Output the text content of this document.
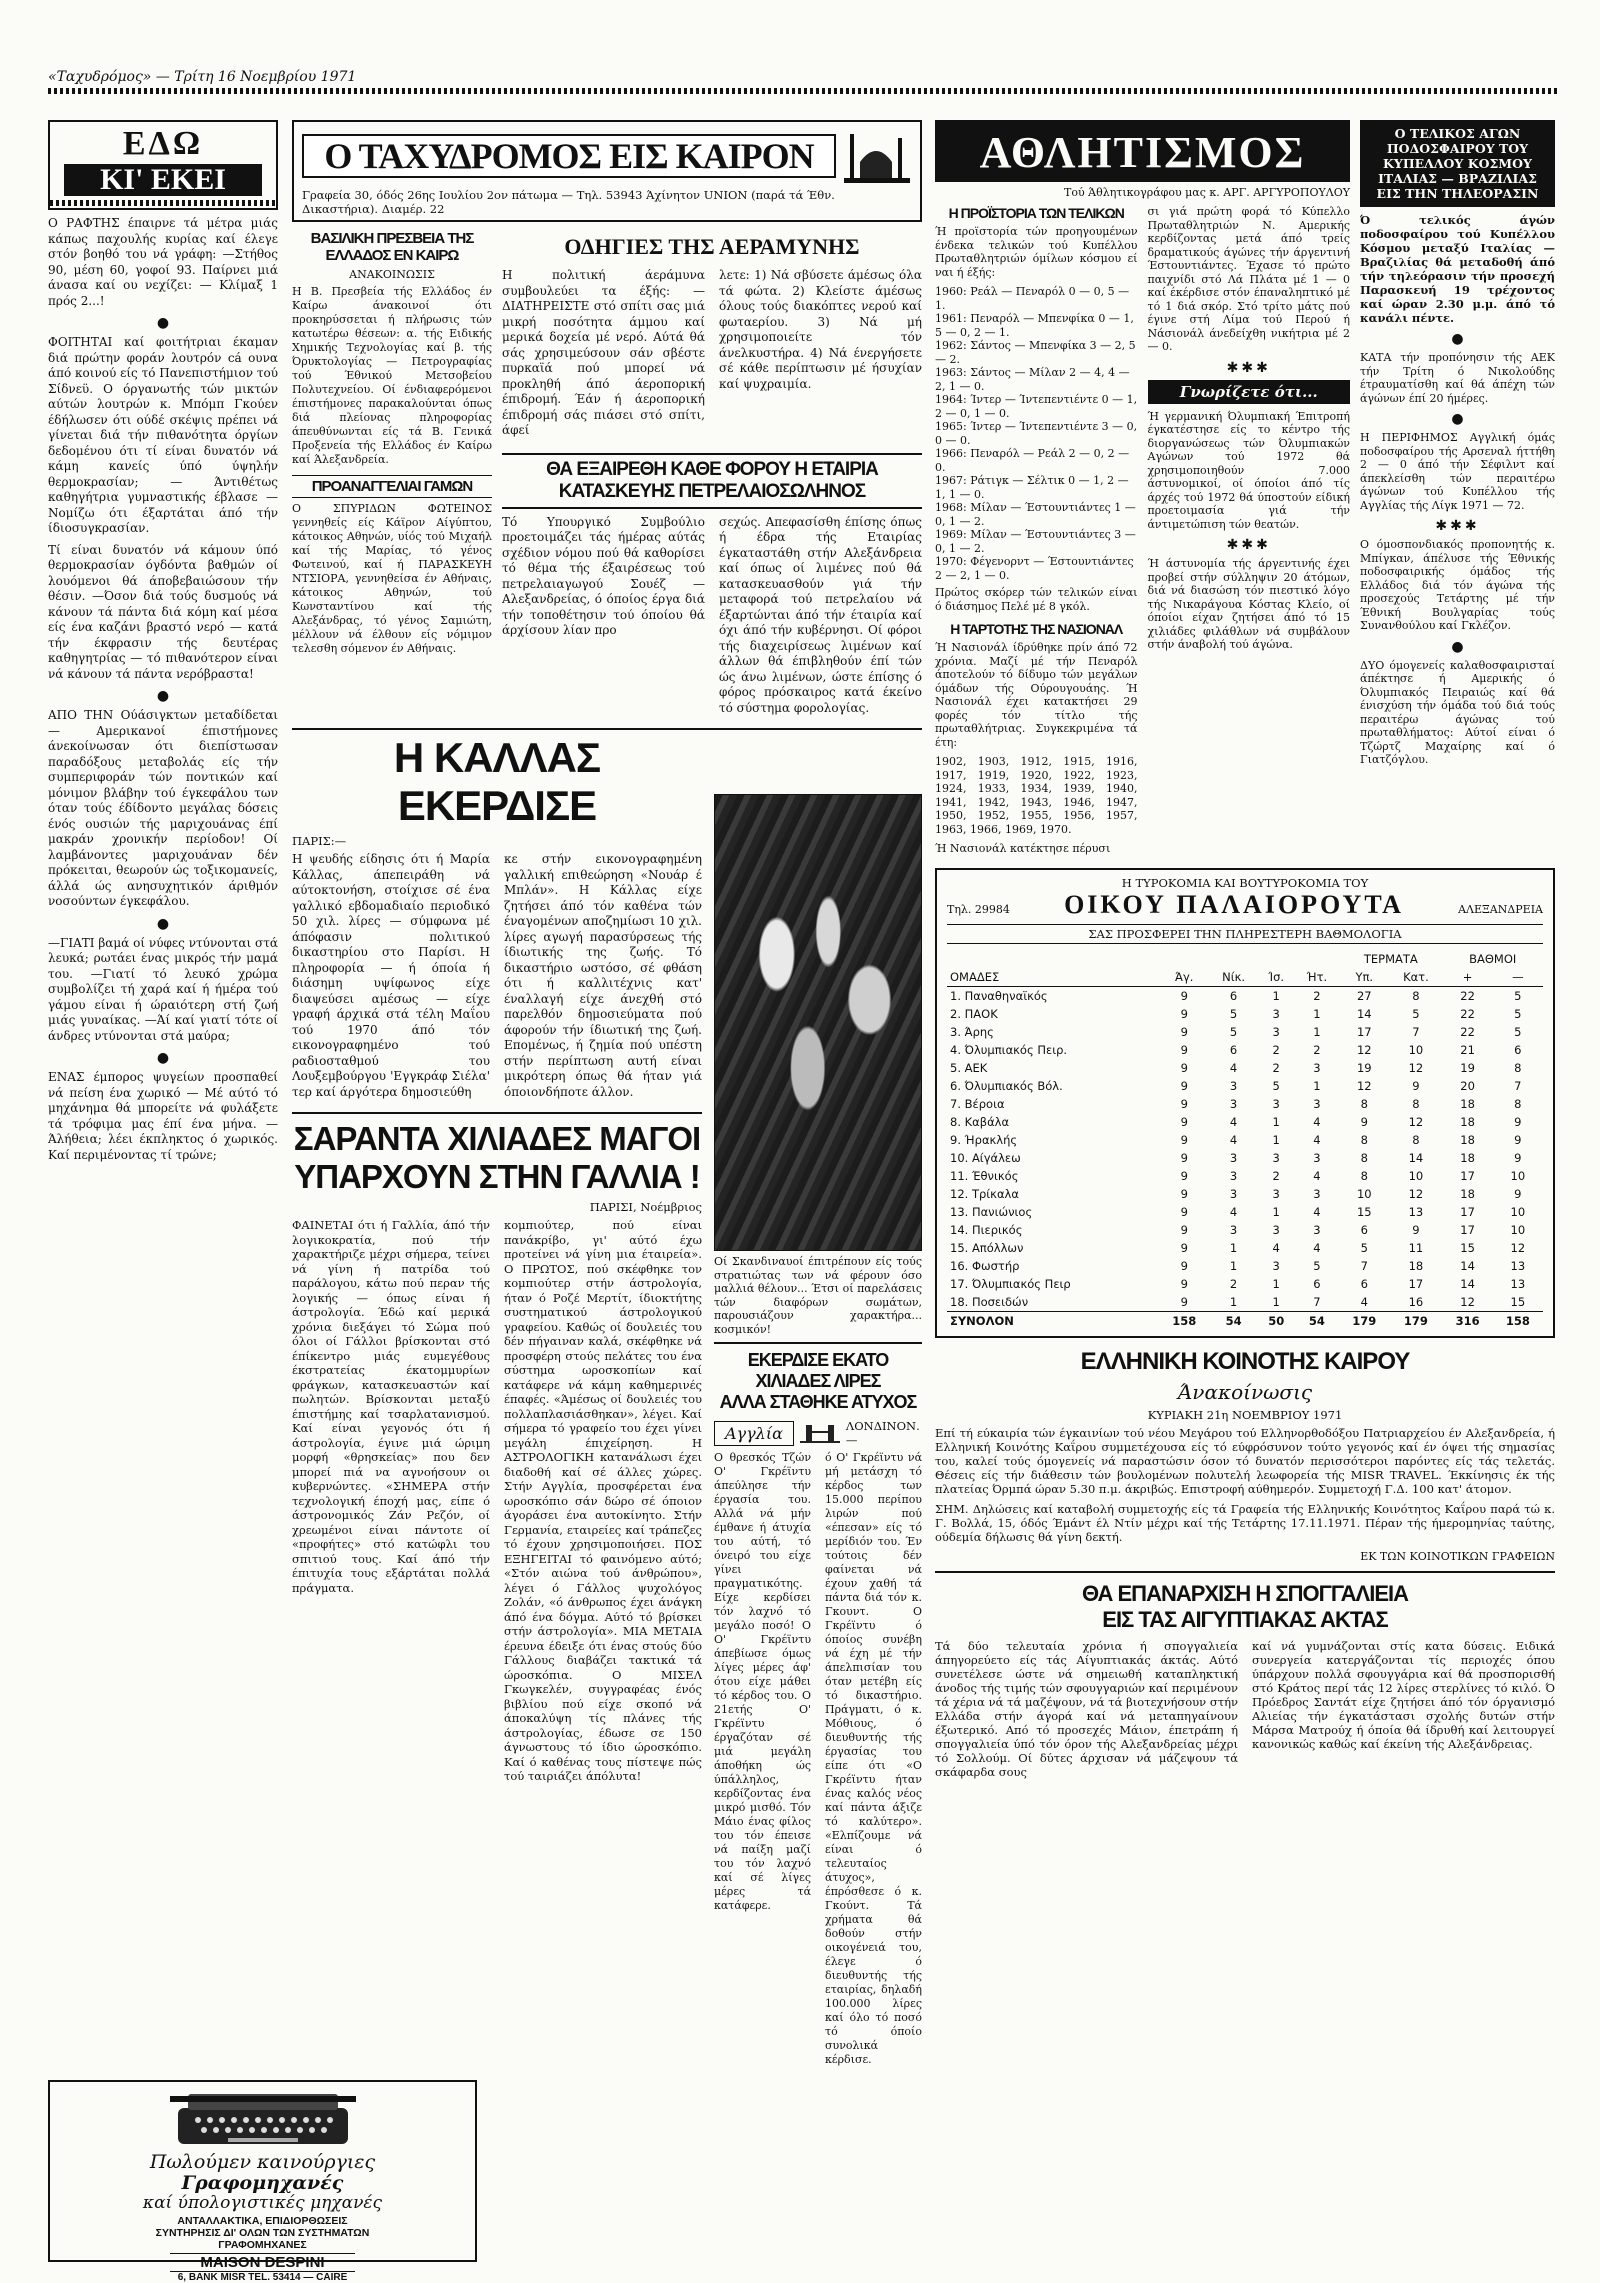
«Ταχυδρόμος» — Τρίτη 16 Νοεμβρίου 1971
ΕΔΩ
ΚΙ' ΕΚΕΙ

Ο ΡΑΦΤΗΣ έπαιρνε τά μέτρα μιάς κάπως παχουλής κυρίας καί έλεγε στόν βοηθό του νά γράφη: —Στήθος 90, μέση 60, γοφοί 93. Παίρνει μιά άνασα καί ου νεχίζει: — Κλίμαξ 1 πρός 2...!

●

ΦΟΙΤΗΤΑΙ καί φοιτήτριαι έκαμαν διά πρώτην φοράν λουτρόν cá ουνα άπό κοινού είς τό Πανεπιστήμιον τού Σίδνεϋ. Ο όργανωτής τών μικτών αύτών λουτρών κ. Μπόμπ Γκούεν έδήλωσεν ότι ούδέ σκέψις πρέπει νά γίνεται διά τήν πιθανότητα όργίων δεδομένου ότι τί είναι δυνατόν νά κάμη κανείς ύπό ύψηλήν θερμοκρασίαν; — Άντιθέτως καθηγήτρια γυμναστικής έβλασε —Νομίζω ότι έξαρτάται άπό τήν ίδιοσυγκρασίαν.

Τί είναι δυνατόν νά κάμουν ύπό θερμοκρασίαν όγδόντα βαθμών οί λουόμενοι θά άποβεβαιώσουν τήν θέσιν. —Όσον διά τούς δυσμούς νά κάνουν τά πάντα διά κόμη καί μέσα είς ένα καζάνι βραστό νερό — κατά τήν έκφρασιν τής δευτέρας καθηγητρίας — τό πιθανότερον είναι νά κάνουν τά πάντα νερόβραστα!

●

ΑΠΟ ΤΗΝ Ούάσιγκτων μεταδίδεται — Αμερικανοί έπιστήμονες άνεκοίνωσαν ότι διεπίστωσαν παραδόξους μεταβολάς είς τήν συμπεριφοράν τών ποντικών καί μόνιμον βλάβην τού έγκεφάλου των όταν τούς έδίδοντο μεγάλας δόσεις ένός ουσιών τής μαριχουάνας έπί μακράν χρονικήν περίοδον! Οί λαμβάνοντες μαριχουάναν δέν πρόκειται, θεωρούν ώς τοξικομανείς, άλλά ώς ανησυχητικόν άριθμόν νοσούντων έγκεφάλου.

●

—ΓΙΑΤΙ βαμά οί νύφες ντύνονται στά λευκά; ρωτάει ένας μικρός τήν μαμά του. —Γιατί τό λευκό χρώμα συμβολίζει τή χαρά καί ή ήμέρα τού γάμου είναι ή ώραιότερη στή ζωή μιάς γυναίκας. —Άί καί γιατί τότε οί άνδρες ντύνονται στά μαύρα;

●

ΕΝΑΣ έμπορος ψυγείων προσπαθεί νά πείση ένα χωρικό — Μέ αύτό τό μηχάνημα θά μπορείτε νά φυλάξετε τά τρόφιμα μας έπί ένα μήνα. —Άλήθεια; λέει έκπληκτος ό χωρικός. Καί περιμένοντας τί τρώνε;

Πωλούμεν καινούργιες
Γραφομηχανές
καί ύπολογιστικές μηχανές
ΑΝΤΑΛΛΑΚΤΙΚΑ, ΕΠΙΔΙΟΡΘΩΣΕΙΣ
ΣΥΝΤΗΡΗΣΙΣ ΔΙ' ΟΛΩΝ ΤΩΝ ΣΥΣΤΗΜΑΤΩΝ
ΓΡΑΦΟΜΗΧΑΝΕΣ
MAISON DESPINI
6, BANK MISR TEL. 53414 — CAIRE
Ο ΤΑΧΥΔΡΟΜΟΣ ΕΙΣ ΚΑΙΡΟΝ
Γραφεία 30, όδός 26ης Ιουλίου 2ον πάτωμα — Τηλ. 53943 Άχίνητον UNION (παρά τά Έθν. Δικαστήρια). Διαμέρ. 22
ΒΑΣΙΛΙΚΗ ΠΡΕΣΒΕΙΑ ΤΗΣ ΕΛΛΑΔΟΣ ΕΝ ΚΑΙΡΩ
ΑΝΑΚΟΙΝΩΣΙΣ

Η Β. Πρεσβεία τής Ελλάδος έν Καίρω άνακοινοί ότι προκηρύσσεται ή πλήρωσις τών κατωτέρω θέσεων: α. τής Ειδικής Χημικής Τεχνολογίας καί β. τής Όρυκτολογίας — Πετρογραφίας τού Έθνικού Μετσοβείου Πολυτεχνείου. Οί ένδιαφερόμενοι έπιστήμονες παρακαλούνται όπως διά πλείονας πληροφορίας άπευθύνωνται είς τά Β. Γενικά Προξενεία τής Ελλάδος έν Καίρω καί Άλεξανδρεία.

ΠΡΟΑΝΑΓΓΕΛΙΑΙ ΓΑΜΩΝ

Ο ΣΠΥΡΙΔΩΝ ΦΩΤΕΙΝΟΣ γεννηθείς είς Κάϊρον Αίγύπτου, κάτοικος Αθηνών, υίός τού Μιχαήλ καί τής Μαρίας, τό γένος Φωτεινού, καί ή ΠΑΡΑΣΚΕΥΗ ΝΤΣΙΟΡΑ, γεννηθείσα έν Αθήναις, κάτοικος Αθηνών, τού Κωνσταντίνου καί τής Αλεξάνδρας, τό γένος Σαμιώτη, μέλλουν νά έλθουν είς νόμιμον τελεσθη σόμενον έν Αθήναις.

ΟΔΗΓΙΕΣ ΤΗΣ ΑΕΡΑΜΥΝΗΣ

Η πολιτική άεράμυνα συμβουλεύει τα έξής: — ΔΙΑΤΗΡΕΙΣΤΕ στό σπίτι σας μιά μικρή ποσότητα άμμου καί μερικά δοχεία μέ νερό. Αύτά θά σάς χρησιμεύσουν σάν σβέστε πυρκαϊά πού μπορεί νά προκληθή άπό άεροπορική έπιδρομή. Έάν ή άεροπορική έπιδρομή σάς πιάσει στό σπίτι, άφεί

λετε: 1) Νά σβύσετε άμέσως όλα τά φώτα. 2) Κλείστε άμέσως όλους τούς διακόπτες νερού καί φωταερίου. 3) Νά μή χρησιμοποιείτε τόν άνελκυστήρα. 4) Νά ένεργήσετε σέ κάθε περίπτωσιν μέ ήσυχίαν καί ψυχραιμία.

ΘΑ ΕΞΑΙΡΕΘΗ ΚΑΘΕ ΦΟΡΟΥ Η ΕΤΑΙΡΙΑ
ΚΑΤΑΣΚΕΥΗΣ ΠΕΤΡΕΛΑΙΟΣΩΛΗΝΟΣ

Τό Υπουργικό Συμβούλιο προετοιμάζει τάς ήμέρας αύτάς σχέδιον νόμου πού θά καθορίσει τό θέμα τής έξαιρέσεως τού πετρελαιαγωγού Σουέζ — Αλεξανδρείας, ό όποίος έργα διά τήν τοποθέτησιν τού όποίου θά άρχίσουν λίαν προ

σεχώς. Απεφασίσθη έπίσης όπως ή έδρα τής Εταιρίας έγκαταστάθη στήν Αλεξάνδρεια καί όπως οί λιμένες πού θά κατασκευασθούν γιά τήν μεταφορά τού πετρελαίου νά έξαρτώνται άπό τήν έταιρία καί όχι άπό τήν κυβέρνησι. Οί φόροι τής διαχειρίσεως λιμένων καί άλλων θά έπιβληθούν έπί τών ώς άνω λιμένων, ώστε έπίσης ό φόρος πρόσκαιρος κατά έκείνο τό σύστημα φορολογίας.

Η ΚΑΛΛΑΣ ΕΚΕΡΔΙΣΕ
ΠΑΡΙΣ:—

Η ψευδής είδησις ότι ή Μαρία Κάλλας, άπεπειράθη νά αύτοκτονήση, στοίχισε σέ ένα γαλλικό εβδομαδιαίο περιοδικό 50 χιλ. λίρες — σύμφωνα μέ άπόφασιν πολιτικού δικαστηρίου στο Παρίσι. Η πληροφορία — ή όποία ή διάσημη υψίφωνος είχε διαψεύσει αμέσως — είχε γραφή άρχικά στά τέλη Μαΐου τού 1970 άπό τόν εικονογραφημένο τού ραδιοσταθμού του Λουξεμβούργου 'Εγγκράφ Σιέλα' τερ καί άργότερα δημοσιεύθη

κε στήν εικονογραφημένη γαλλική επιθεώρηση «Νουάρ έ Μπλάν». Η Κάλλας είχε ζητήσει άπό τόν καθένα τών έναγομένων αποζημίωσι 10 χιλ. λίρες αγωγή παρασύρσεως τής ίδιωτικής της ζωής. Τό δικαστήριο ωστόσο, σέ φθάση ότι ή καλλιτέχνις κατ' έναλλαγή είχε άνεχθή στό παρελθόν δημοσιεύματα πού άφορούν τήν ίδιωτική της ζωή. Επομένως, ή ζημία πού υπέστη στήν περίπτωση αυτή είναι μικρότερη όπως θά ήταν γιά όποιονδήποτε άλλον.

ΣΑΡΑΝΤΑ ΧΙΛΙΑΔΕΣ ΜΑΓΟΙ
ΥΠΑΡΧΟΥΝ ΣΤΗΝ ΓΑΛΛΙΑ !
ΠΑΡΙΣΙ, Νοέμβριος

ΦΑΙΝΕΤΑΙ ότι ή Γαλλία, άπό τήν λογικοκρατία, πού τήν χαρακτήριζε μέχρι σήμερα, τείνει νά γίνη ή πατρίδα τού παράλογου, κάτω πού περαν τής λογικής — όπως είναι ή άστρολογία. Έδώ καί μερικά χρόνια διεξάγει τό Σώμα πού όλοι οί Γάλλοι βρίσκονται στό έπίκεντρο μιάς ευμεγέθους έκστρατείας έκατομμυρίων φράγκων, κατασκευαστών καί πωλητών. Βρίσκονται μεταξύ έπιστήμης καί τσαρλατανισμού. Καί είναι γεγονός ότι ή άστρολογία, έγινε μιά ώριμη μορφή «θρησκείας» που δεν μπορεί πιά να αγνοήσουν οι κυβερνώντες. «ΣΗΜΕΡΑ στήν τεχνολογική έποχή μας, είπε ό άστρονομικός Ζάν Ρεζόν, οί χρεωμένοι είναι πάντοτε οί «προφήτες» στό κατώφλι του σπιτιού τους. Καί άπό τήν έπιτυχία τους εξάρτάται πολλά πράγματα.

κομπιούτερ, πού είναι πανάκρίβο, γι' αύτό έχω προτείνει νά γίνη μια έταιρεία». Ο ΠΡΩΤΟΣ, πού σκέφθηκε τον κομπιούτερ στήν άστρολογία, ήταν ό Ροζέ Μερτίτ, ίδιοκτήτης συστηματικού άστρολογικού γραφείου. Καθώς οί δουλειές του δέν πήγαιναν καλά, σκέφθηκε νά προσφέρη στούς πελάτες του ένα σύστημα ωροσκοπίων καί κατάφερε νά κάμη καθημερινές έπαφές. «Άμέσως οί δουλειές του πολλαπλασιάσθηκαν», λέγει. Καί σήμερα τό γραφείο του έχει γίνει μεγάλη έπιχείρηση. Η ΑΣΤΡΟΛΟΓΙΚΗ κατανάλωσι έχει διαδοθή καί σέ άλλες χώρες. Στήν Αγγλία, προσφέρεται ένα ωροσκόπιο σάν δώρο σέ όποιον άγοράσει ένα αυτοκίνητο. Στήν Γερμανία, εταιρείες καί τράπεζες τό έχουν χρησιμοποιήσει. ΠΟΣ ΕΞΗΓΕΙΤΑΙ τό φαινόμενο αύτό; «Στόν αιώνα τού άνθρώπου», λέγει ό Γάλλος ψυχολόγος Ζολάν, «ό άνθρωπος έχει άνάγκη άπό ένα δόγμα. Αύτό τό βρίσκει στήν άστρολογία». ΜΙΑ ΜΕΤΑΙΑ έρευνα έδειξε ότι ένας στούς δύο Γάλλους διαβάζει τακτικά τά ώροσκόπια. Ο ΜΙΣΕΛ Γκωγκελέν, συγγραφέας ένός βιβλίου πού είχε σκοπό νά άποκαλύψη τίς πλάνες τής άστρολογίας, έδωσε σε 150 άγνωστους τό ίδιο ώροσκόπιο. Καί ό καθένας τους πίστεψε πώς τού ταιριάζει άπόλυτα!

Οί Σκανδιναυοί έπιτρέπουν είς τούς στρατιώτας των νά φέρουν όσο μαλλιά θέλουν... Έτσι οί παρελάσεις τών διαφόρων σωμάτων, παρουσιάζουν χαρακτήρα... κοσμικόν!

ΕΚΕΡΔΙΣΕ ΕΚΑΤΟ ΧΙΛΙΑΔΕΣ ΛΙΡΕΣ
ΑΛΛΑ ΣΤΑΘΗΚΕ ΑΤΥΧΟΣ
Αγγλία	ΛΟΝΔΙΝΟΝ.—

Ο θρεσκός Τζών Ο' Γκρέϊντυ άπεύλησε τήν έργασία του. Αλλά νά μήν έμθανε ή άτυχία του αύτή, τό όνειρό του είχε γίνει πραγματικότης. Είχε κερδίσει τόν λαχνό τό μεγάλο ποσό! Ο Ο' Γκρέϊντυ άπεβίωσε όμως λίγες μέρες άφ' ότου είχε μάθει τό κέρδος του. Ο 21ετής Ο' Γκρέϊντυ έργαζόταν σέ μιά μεγάλη άποθήκη ώς ύπάλληλος, κερδίζοντας ένα μικρό μισθό. Τόν Μάιο ένας φίλος του τόν έπεισε νά παίξη μαζί του τόν λαχνό καί σέ λίγες μέρες τά κατάφερε.

ό Ο' Γκρέϊντυ νά μή μετάσχη τό κέρδος των 15.000 περίπου λιρών πού «έπεσαν» είς τό μερίδιόν του. Έν τούτοις δέν φαίνεται νά έχουν χαθή τά πάντα διά τόν κ. Γκουντ. Ο Γκρέϊντυ ό όποίος συνέβη νά έχη μέ τήν άπελπισίαν του όταν μετέβη είς τό δικαστήριο. Πράγματι, ό κ. Μόθιους, ό διευθυντής τής έργασίας του είπε ότι «Ο Γκρέϊντυ ήταν ένας καλός νέος καί πάντα άξιζε τό καλύτερο». «Ελπίζουμε νά είναι ό τελευταίος άτυχος», έπρόσθεσε ό κ. Γκούντ. Τά χρήματα θά δοθούν στήν οικογένειά του, έλεγε ό διευθυντής τής εταιρίας, δηλαδή 100.000 λίρες καί όλο τό ποσό τό όποίο συνολικά κέρδισε.

ΑΘΛΗΤΙΣΜΟΣ
Τού Άθλητικογράφου μας κ. ΑΡΓ. ΑΡΓΥΡΟΠΟΥΛΟΥ
Η ΠΡΟΪΣΤΟΡΙΑ ΤΩΝ ΤΕΛΙΚΩΝ

Ή προϊστορία τών προηγουμένων ένδεκα τελικών τού Κυπέλλου Πρωταθλητριών όμίλων κόσμου εί ναι ή έξής:

1960: Ρεάλ — Πεναρόλ 0 — 0, 5 — 1.
1961: Πεναρόλ — Μπενφίκα 0 — 1, 5 — 0, 2 — 1.
1962: Σάντος — Μπενφίκα 3 — 2, 5 — 2.
1963: Σάντος — Μίλαν 2 — 4, 4 — 2, 1 — 0.
1964: Ίντερ — Ίντεπεντιέντε 0 — 1, 2 — 0, 1 — 0.
1965: Ίντερ — Ίντεπεντιέντε 3 — 0, 0 — 0.
1966: Πεναρόλ — Ρεάλ 2 — 0, 2 — 0.
1967: Ράτιγκ — Σέλτικ 0 — 1, 2 — 1, 1 — 0.
1968: Μίλαν — Έστουντιάντες 1 — 0, 1 — 2.
1969: Μίλαν — Έστουντιάντες 3 — 0, 1 — 2.
1970: Φέγενορντ — Έστουντιάντες 2 — 2, 1 — 0.

Πρώτος σκόρερ τών τελικών είναι ό διάσημος Πελέ μέ 8 γκόλ.

Η ΤΑΡΤΟΤΗΣ ΤΗΣ ΝΑΣΙΟΝΑΛ

Ή Νασιονάλ ίδρύθηκε πρίν άπό 72 χρόνια. Μαζί μέ τήν Πεναρόλ άποτελούν τό δίδυμο τών μεγάλων όμάδων τής Ούρουγουάης. Ή Νασιονάλ έχει κατακτήσει 29 φορές τόν τίτλο τής πρωταθλήτριας. Συγκεκριμένα τά έτη:

1902, 1903, 1912, 1915, 1916, 1917, 1919, 1920, 1922, 1923, 1924, 1933, 1934, 1939, 1940, 1941, 1942, 1943, 1946, 1947, 1950, 1952, 1955, 1956, 1957, 1963, 1966, 1969, 1970.

Ή Νασιονάλ κατέκτησε πέρυσι

σι γιά πρώτη φορά τό Κύπελλο Πρωταθλητριών Ν. Αμερικής κερδίζοντας μετά άπό τρείς δραματικούς άγώνες τήν άργεντινή Έστουντιάντες. Έχασε τό πρώτο παιχνίδι στό Λά Πλάτα μέ 1 — 0 καί έκέρδισε στόν έπαναληπτικό μέ τό 1 διά σκόρ. Στό τρίτο μάτς πού έγινε στή Λίμα τού Περού ή Νάσιονάλ άνεδείχθη νικήτρια μέ 2 — 0.

✱✱✱
Γνωρίζετε ότι...

Ή γερμανική Όλυμπιακή Έπιτροπή έγκατέστησε είς το κέντρο τής διοργανώσεως τών Όλυμπιακών Αγώνων τού 1972 θά χρησιμοποιηθούν 7.000 άστυνομικοί, οί όποίοι άπό τίς άρχές τού 1972 θά ύποστούν είδική προετοιμασία γιά τήν άντιμετώπιση τών θεατών.

✱✱✱

Ή άστυνομία τής άργεντινής έχει προβεί στήν σύλληψιν 20 άτόμων, διά νά διασώση τόν πιεστικό λόγο τής Νικαράγουα Κόστας Κλείο, οί όποίοι είχαν ζητήσει άπό τό 15 χιλιάδες φιλάθλων νά συμβάλουν στήν άναβολή τού άγώνα.

Ο ΤΕΛΙΚΟΣ ΑΓΩΝ ΠΟΔΟΣΦΑΙΡΟΥ ΤΟΥ ΚΥΠΕΛΛΟΥ ΚΟΣΜΟΥ ΙΤΑΛΙΑΣ — ΒΡΑΖΙΛΙΑΣ ΕΙΣ ΤΗΝ ΤΗΛΕΟΡΑΣΙΝ

Ό τελικός άγών ποδοσφαίρου τού Κυπέλλου Κόσμου μεταξύ Ιταλίας — Βραζιλίας θά μεταδοθή άπό τήν τηλεόρασιν τήν προσεχή Παρασκευή 19 τρέχοντος καί ώραν 2.30 μ.μ. άπό τό κανάλι πέντε.

●

ΚΑΤΑ τήν προπόνησιν τής ΑΕΚ τήν Τρίτη ό Νικολούδης έτραυματίσθη καί θά άπέχη τών άγώνων έπί 20 ήμέρες.

●

Η ΠΕΡΙΦΗΜΟΣ Αγγλική όμάς ποδοσφαίρου τής Αρσεναλ ήττήθη 2 — 0 άπό τήν Σέφιλντ καί άπεκλείσθη τών περαιτέρω άγώνων τού Κυπέλλου τής Αγγλίας τής Λίγκ 1971 — 72.

✱✱✱

Ο όμοσπονδιακός προπονητής κ. Μπίγκαν, άπέλυσε τής Έθνικής ποδοσφαιρικής όμάδος τής Ελλάδος διά τόν άγώνα τής προσεχούς Τετάρτης μέ τήν Έθνική Βουλγαρίας τούς Συνανθούλου καί Γκλέζον.

●

ΔΥΟ όμογενείς καλαθοσφαιρισταί άπέκτησε ή Αμερικής ό Όλυμπιακός Πειραιώς καί θά ένισχύση τήν όμάδα τού διά τούς περαιτέρω άγώνας τού πρωταθλήματος: Αύτοί είναι ό Τζώρτζ Μαχαίρης καί ό Γιατζόγλου.

Η ΤΥΡΟΚΟΜΙΑ ΚΑΙ ΒΟΥΤΥΡΟΚΟΜΙΑ ΤΟΥ
Τηλ. 29984 ΟΙΚΟΥ ΠΑΛΑΙΟΡΟΥΤΑ	ΑΛΕΞΑΝΔΡΕΙΑ
ΣΑΣ ΠΡΟΣΦΕΡΕΙ ΤΗΝ ΠΛΗΡΕΣΤΕΡΗ ΒΑΘΜΟΛΟΓΙΑ
					ΤΕΡΜΑΤΑ		ΒΑΘΜΟΙ	
ΟΜΑΔΕΣ	Άγ.	Νίκ.	Ίσ.	Ήτ.	Υπ.	Κατ.	+	—
1. Παναθηναϊκός	9	6	1	2	27	8	22	5
2. ΠΑΟΚ	9	5	3	1	14	5	22	5
3. Άρης	9	5	3	1	17	7	22	5
4. Όλυμπιακός Πειρ.	9	6	2	2	12	10	21	6
5. ΑΕΚ	9	4	2	3	19	12	19	8
6. Όλυμπιακός Βόλ.	9	3	5	1	12	9	20	7
7. Βέροια	9	3	3	3	8	8	18	8
8. Καβάλα	9	4	1	4	9	12	18	9
9. Ήρακλής	9	4	1	4	8	8	18	9
10. Αίγάλεω	9	3	3	3	8	14	18	9
11. Έθνικός	9	3	2	4	8	10	17	10
12. Τρίκαλα	9	3	3	3	10	12	18	9
13. Πανιώνιος	9	4	1	4	15	13	17	10
14. Πιερικός	9	3	3	3	6	9	17	10
15. Απόλλων	9	1	4	4	5	11	15	12
16. Φωστήρ	9	1	3	5	7	18	14	13
17. Όλυμπιακός Πειρ	9	2	1	6	6	17	14	13
18. Ποσειδών	9	1	1	7	4	16	12	15
ΣΥΝΟΛΟΝ	158	54	50	54	179	179	316	158
ΕΛΛΗΝΙΚΗ ΚΟΙΝΟΤΗΣ ΚΑΙΡΟΥ
Άνακοίνωσις
ΚΥΡΙΑΚΗ 21η ΝΟΕΜΒΡΙΟΥ 1971

Επί τή εύκαιρία τών έγκαινίων τού νέου Μεγάρου τού Ελληνορθοδόξου Πατριαρχείου έν Αλεξανδρεία, ή Ελληνική Κοινότης Καΐρου συμμετέχουσα είς τό εύφρόσυνον τούτο γεγονός καί έν όψει τής σημασίας του, καλεί τούς όμογενείς νά παραστώσιν όσον τό δυνατόν περισσότεροι παρόντες είς τάς τελετάς. Θέσεις είς τήν διάθεσιν τών βουλομένων πολυτελή λεωφορεία τής MISR TRAVEL. Έκκίνησις έκ τής πλατείας Όρμπά ώραν 5.30 π.μ. άκριβώς. Επιστροφή αύθημερόν. Συμμετοχή Γ.Δ. 100 κατ' άτομον.

ΣΗΜ. Δηλώσεις καί καταβολή συμμετοχής είς τά Γραφεία τής Ελληνικής Κοινότητος Καΐρου παρά τώ κ. Γ. Βολλά, 15, όδός Έμάντ έλ Ντίν μέχρι καί τής Τετάρτης 17.11.1971. Πέραν τής ήμερομηνίας ταύτης, ούδεμία δήλωσις θά γίνη δεκτή.

ΕΚ ΤΩΝ ΚΟΙΝΟΤΙΚΩΝ ΓΡΑΦΕΙΩΝ
ΘΑ ΕΠΑΝΑΡΧΙΣΗ Η ΣΠΟΓΓΑΛΙΕΙΑ
ΕΙΣ ΤΑΣ ΑΙΓΥΠΤΙΑΚΑΣ ΑΚΤΑΣ

Τά δύο τελευταία χρόνια ή σπογγαλιεία άπηγορεύετο είς τάς Αίγυπτιακάς άκτάς. Αύτό συνετέλεσε ώστε νά σημειωθή καταπληκτική άνοδος τής τιμής τών σφουγγαριών καί περιμένουν τά χέρια νά τά μαζέψουν, νά τά βιοτεχνήσουν στήν Ελλάδα στήν άγορά καί νά μεταπηγαίνουν έξωτερικό. Από τό προσεχές Μάιον, έπετράπη ή σπογγαλιεία ύπό τόν όρον τής Αλεξανδρείας μέχρι τό Σολλούμ. Οί δύτες άρχισαν νά μάζεψουν τά σκάφαρδα σους

καί νά γυμνάζονται στίς κατα δύσεις. Ειδικά συνεργεία κατεργάζονται τίς περιοχές όπου ύπάρχουν πολλά σφουγγάρια καί θά προσπορισθή στό Κράτος περί τάς 12 λίρες στερλίνες τό κιλό. Ό Πρόεδρος Σαντάτ είχε ζητήσει άπό τόν όργανισμό Αλιείας τήν έγκατάστασι σχολής δυτών στήν Μάρσα Ματρούχ ή όποία θά ίδρυθή καί λειτουργεί κανονικώς καθώς καί έκείνη τής Αλεξάνδρειας.
